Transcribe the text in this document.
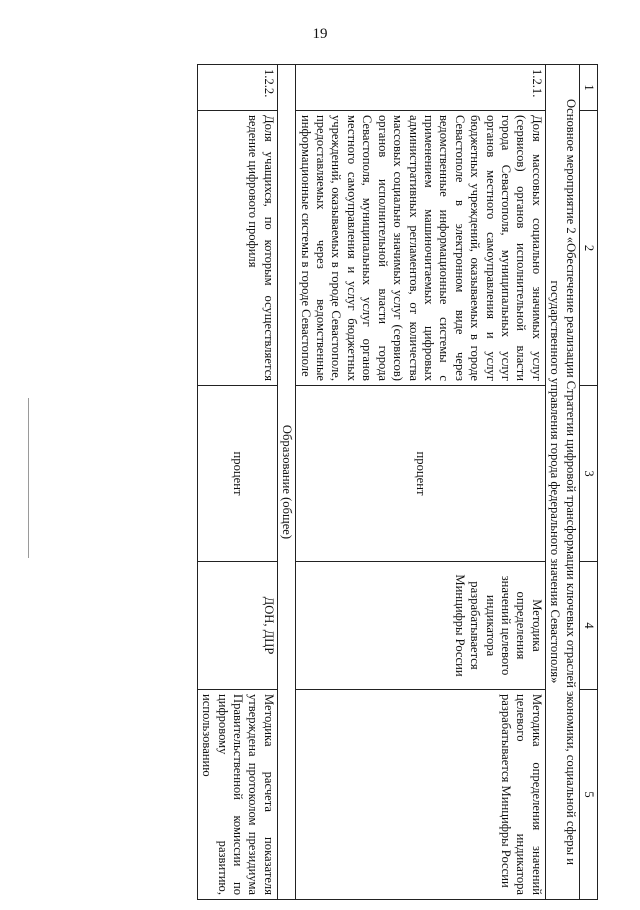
19
1	2	3	4	5
Основное мероприятие 2 «Обеспечение реализации Стратегии цифровой трансформации ключевых отраслей экономики, социальной сферы и государственного управления города федерального значения Севастополя»				
1.2.1.	Доля массовых социально значимых услуг (сервисов) органов исполнительной власти города Севастополя, муниципальных услуг органов местного самоуправления и услуг бюджетных учреждений, оказываемых в городе Севастополе в электронном виде через ведомственные информационные системы с применением машиночитаемых цифровых административных регламентов, от количества массовых социально значимых услуг (сервисов) органов исполнительной власти города Севастополя, муниципальных услуг органов местного самоуправления и услуг бюджетных учреждений, оказываемых в городе Севастополе, предоставляемых через ведомственные информационные системы в городе Севастополе	процент	Методика определения значений целевого индикатора разрабатывается Минцифры России	Методика определения значений целевого индикатора разрабатывается Минцифры России
Образование (общее)				
1.2.2.	Доля учащихся, по которым осуществляется ведение цифрового профиля	процент	ДОН, ДЦР	Методика расчета показателя утверждена протоколом президиума Правительственной комиссии по цифровому развитию, использованию
